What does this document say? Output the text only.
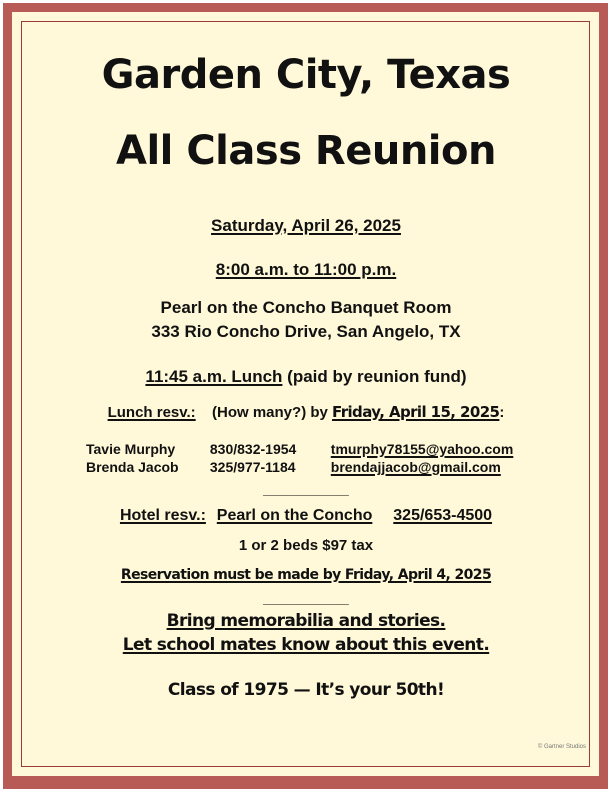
Garden City, Texas
All Class Reunion
Saturday, April 26, 2025
8:00 a.m. to 11:00 p.m.
Pearl on the Concho Banquet Room
333 Rio Concho Drive, San Angelo, TX
11:45 a.m. Lunch (paid by reunion fund)
Lunch resv.: (How many?) by Friday, April 15, 2025:
Tavie Murphy 830/832-1954 tmurphy78155@yahoo.com
Brenda Jacob 325/977-1184	brendajjacob@gmail.com
___________
Hotel resv.: Pearl on the Concho 325/653-4500
1 or 2 beds $97 tax
Reservation must be made by Friday, April 4, 2025
___________
Bring memorabilia and stories.
Let school mates know about this event.
Class of 1975 — It’s your 50th!
© Gartner Studios
